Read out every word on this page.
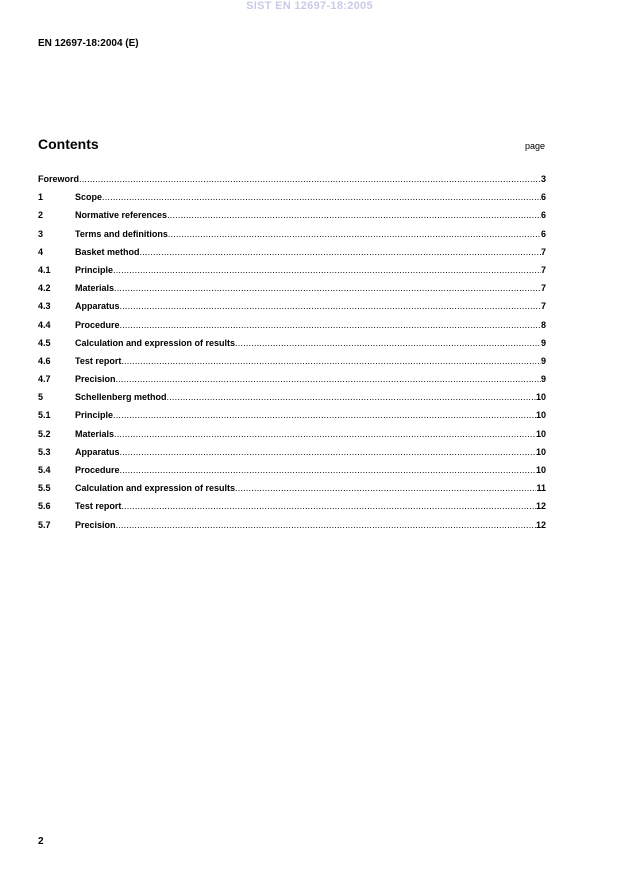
SIST EN 12697-18:2005
EN 12697-18:2004 (E)
Contents	page
Foreword .....	3
1	Scope .....	6
2	Normative references .....	6
3	Terms and definitions .....	6
4	Basket method .....	7
4.1	Principle .....	7
4.2	Materials .....	7
4.3	Apparatus .....	7
4.4	Procedure .....	8
4.5	Calculation and expression of results .....	9
4.6	Test report .....	9
4.7	Precision .....	9
5	Schellenberg method .....	10
5.1	Principle .....	10
5.2	Materials .....	10
5.3	Apparatus .....	10
5.4	Procedure .....	10
5.5	Calculation and expression of results .....	11
5.6	Test report .....	12
5.7	Precision .....	12
2
